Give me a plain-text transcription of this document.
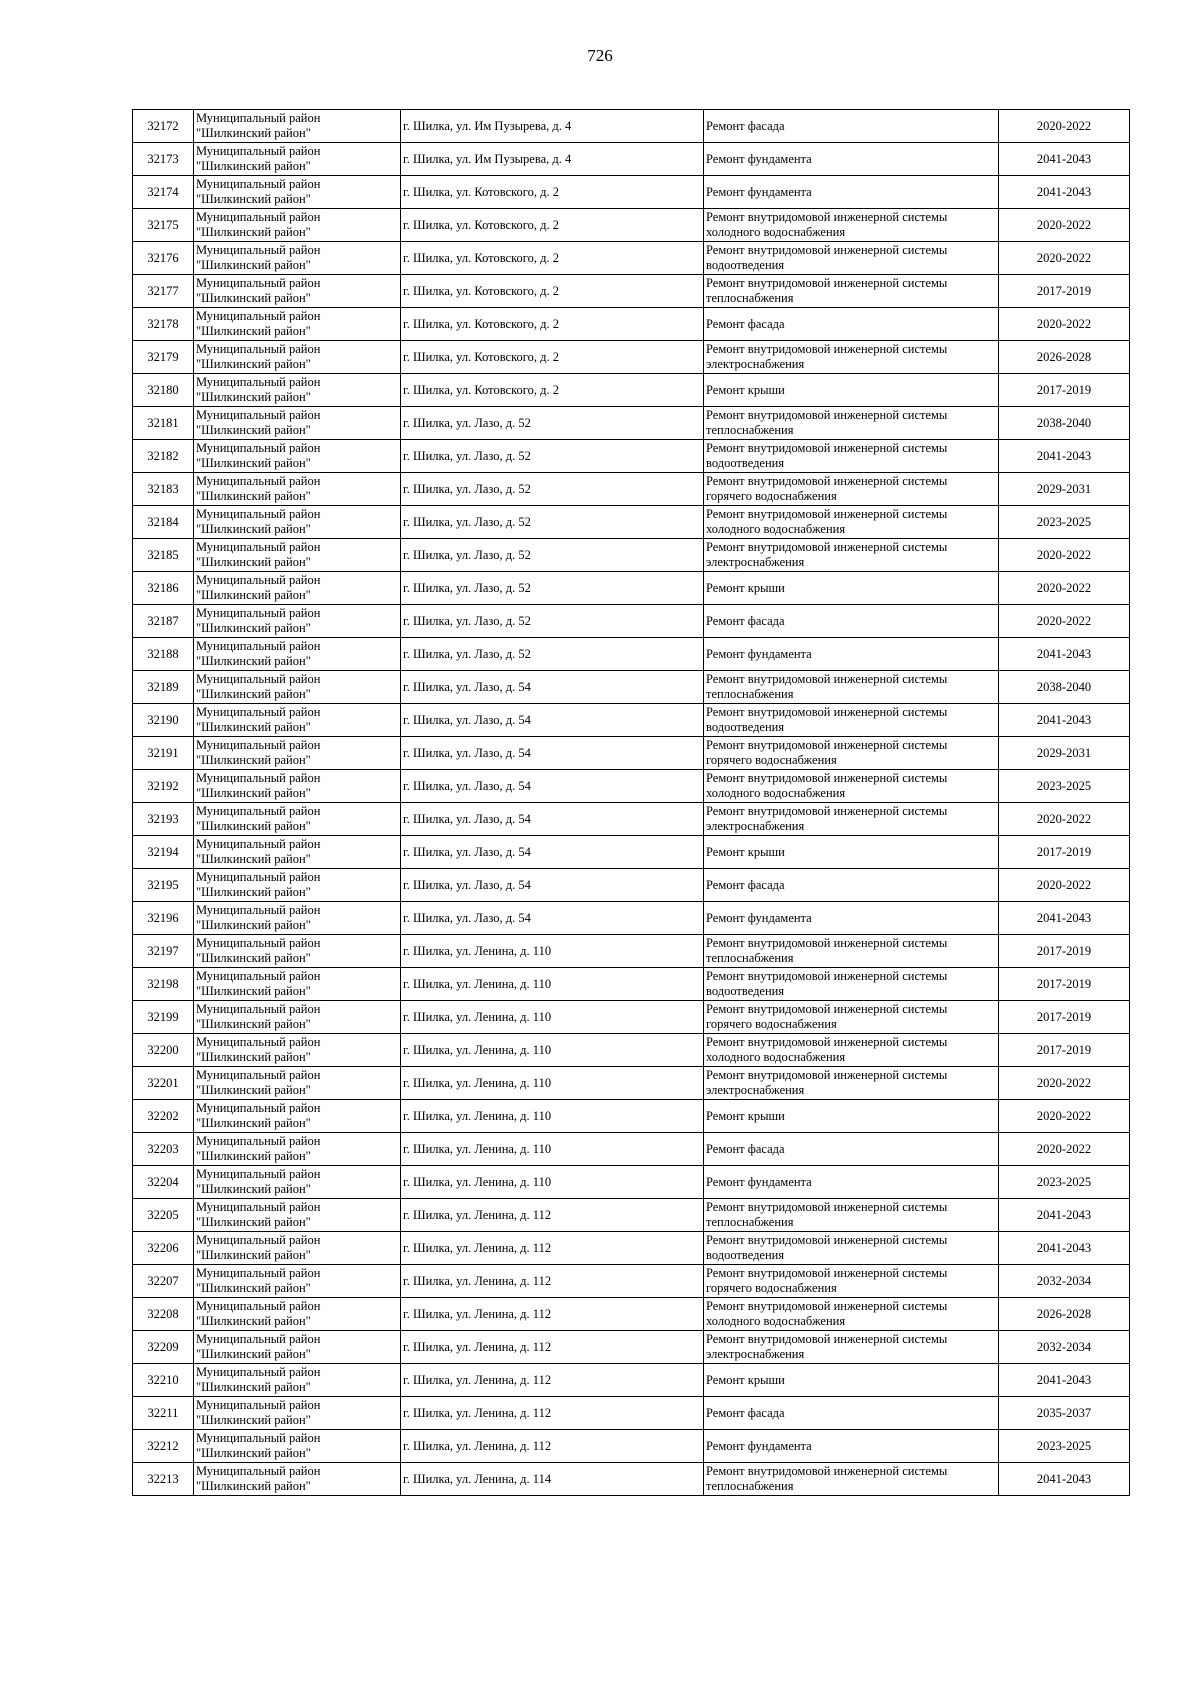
726
32172	Муниципальный район "Шилкинский район"	г. Шилка, ул. Им Пузырева, д. 4	Ремонт фасада	2020-2022
32173	Муниципальный район "Шилкинский район"	г. Шилка, ул. Им Пузырева, д. 4	Ремонт фундамента	2041-2043
32174	Муниципальный район "Шилкинский район"	г. Шилка, ул. Котовского, д. 2	Ремонт фундамента	2041-2043
32175	Муниципальный район "Шилкинский район"	г. Шилка, ул. Котовского, д. 2	Ремонт внутридомовой инженерной системы холодного водоснабжения	2020-2022
32176	Муниципальный район "Шилкинский район"	г. Шилка, ул. Котовского, д. 2	Ремонт внутридомовой инженерной системы водоотведения	2020-2022
32177	Муниципальный район "Шилкинский район"	г. Шилка, ул. Котовского, д. 2	Ремонт внутридомовой инженерной системы теплоснабжения	2017-2019
32178	Муниципальный район "Шилкинский район"	г. Шилка, ул. Котовского, д. 2	Ремонт фасада	2020-2022
32179	Муниципальный район "Шилкинский район"	г. Шилка, ул. Котовского, д. 2	Ремонт внутридомовой инженерной системы электроснабжения	2026-2028
32180	Муниципальный район "Шилкинский район"	г. Шилка, ул. Котовского, д. 2	Ремонт крыши	2017-2019
32181	Муниципальный район "Шилкинский район"	г. Шилка, ул. Лазо, д. 52	Ремонт внутридомовой инженерной системы теплоснабжения	2038-2040
32182	Муниципальный район "Шилкинский район"	г. Шилка, ул. Лазо, д. 52	Ремонт внутридомовой инженерной системы водоотведения	2041-2043
32183	Муниципальный район "Шилкинский район"	г. Шилка, ул. Лазо, д. 52	Ремонт внутридомовой инженерной системы горячего водоснабжения	2029-2031
32184	Муниципальный район "Шилкинский район"	г. Шилка, ул. Лазо, д. 52	Ремонт внутридомовой инженерной системы холодного водоснабжения	2023-2025
32185	Муниципальный район "Шилкинский район"	г. Шилка, ул. Лазо, д. 52	Ремонт внутридомовой инженерной системы электроснабжения	2020-2022
32186	Муниципальный район "Шилкинский район"	г. Шилка, ул. Лазо, д. 52	Ремонт крыши	2020-2022
32187	Муниципальный район "Шилкинский район"	г. Шилка, ул. Лазо, д. 52	Ремонт фасада	2020-2022
32188	Муниципальный район "Шилкинский район"	г. Шилка, ул. Лазо, д. 52	Ремонт фундамента	2041-2043
32189	Муниципальный район "Шилкинский район"	г. Шилка, ул. Лазо, д. 54	Ремонт внутридомовой инженерной системы теплоснабжения	2038-2040
32190	Муниципальный район "Шилкинский район"	г. Шилка, ул. Лазо, д. 54	Ремонт внутридомовой инженерной системы водоотведения	2041-2043
32191	Муниципальный район "Шилкинский район"	г. Шилка, ул. Лазо, д. 54	Ремонт внутридомовой инженерной системы горячего водоснабжения	2029-2031
32192	Муниципальный район "Шилкинский район"	г. Шилка, ул. Лазо, д. 54	Ремонт внутридомовой инженерной системы холодного водоснабжения	2023-2025
32193	Муниципальный район "Шилкинский район"	г. Шилка, ул. Лазо, д. 54	Ремонт внутридомовой инженерной системы электроснабжения	2020-2022
32194	Муниципальный район "Шилкинский район"	г. Шилка, ул. Лазо, д. 54	Ремонт крыши	2017-2019
32195	Муниципальный район "Шилкинский район"	г. Шилка, ул. Лазо, д. 54	Ремонт фасада	2020-2022
32196	Муниципальный район "Шилкинский район"	г. Шилка, ул. Лазо, д. 54	Ремонт фундамента	2041-2043
32197	Муниципальный район "Шилкинский район"	г. Шилка, ул. Ленина, д. 110	Ремонт внутридомовой инженерной системы теплоснабжения	2017-2019
32198	Муниципальный район "Шилкинский район"	г. Шилка, ул. Ленина, д. 110	Ремонт внутридомовой инженерной системы водоотведения	2017-2019
32199	Муниципальный район "Шилкинский район"	г. Шилка, ул. Ленина, д. 110	Ремонт внутридомовой инженерной системы горячего водоснабжения	2017-2019
32200	Муниципальный район "Шилкинский район"	г. Шилка, ул. Ленина, д. 110	Ремонт внутридомовой инженерной системы холодного водоснабжения	2017-2019
32201	Муниципальный район "Шилкинский район"	г. Шилка, ул. Ленина, д. 110	Ремонт внутридомовой инженерной системы электроснабжения	2020-2022
32202	Муниципальный район "Шилкинский район"	г. Шилка, ул. Ленина, д. 110	Ремонт крыши	2020-2022
32203	Муниципальный район "Шилкинский район"	г. Шилка, ул. Ленина, д. 110	Ремонт фасада	2020-2022
32204	Муниципальный район "Шилкинский район"	г. Шилка, ул. Ленина, д. 110	Ремонт фундамента	2023-2025
32205	Муниципальный район "Шилкинский район"	г. Шилка, ул. Ленина, д. 112	Ремонт внутридомовой инженерной системы теплоснабжения	2041-2043
32206	Муниципальный район "Шилкинский район"	г. Шилка, ул. Ленина, д. 112	Ремонт внутридомовой инженерной системы водоотведения	2041-2043
32207	Муниципальный район "Шилкинский район"	г. Шилка, ул. Ленина, д. 112	Ремонт внутридомовой инженерной системы горячего водоснабжения	2032-2034
32208	Муниципальный район "Шилкинский район"	г. Шилка, ул. Ленина, д. 112	Ремонт внутридомовой инженерной системы холодного водоснабжения	2026-2028
32209	Муниципальный район "Шилкинский район"	г. Шилка, ул. Ленина, д. 112	Ремонт внутридомовой инженерной системы электроснабжения	2032-2034
32210	Муниципальный район "Шилкинский район"	г. Шилка, ул. Ленина, д. 112	Ремонт крыши	2041-2043
32211	Муниципальный район "Шилкинский район"	г. Шилка, ул. Ленина, д. 112	Ремонт фасада	2035-2037
32212	Муниципальный район "Шилкинский район"	г. Шилка, ул. Ленина, д. 112	Ремонт фундамента	2023-2025
32213	Муниципальный район "Шилкинский район"	г. Шилка, ул. Ленина, д. 114	Ремонт внутридомовой инженерной системы теплоснабжения	2041-2043
